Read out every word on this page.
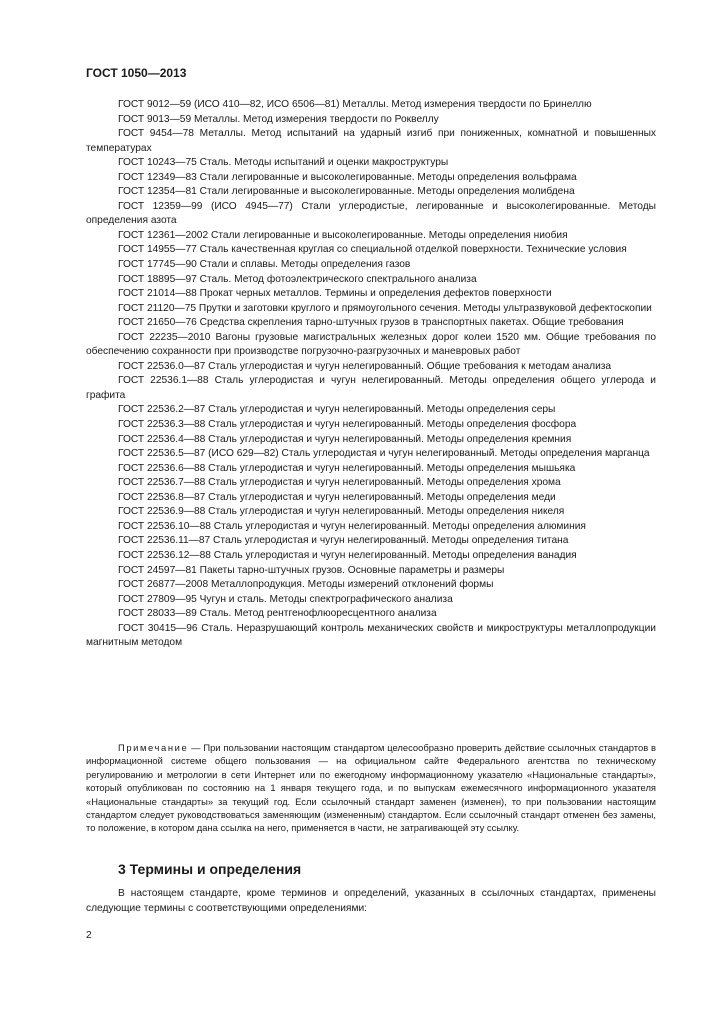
ГОСТ 1050—2013

ГОСТ 9012—59 (ИСО 410—82, ИСО 6506—81) Металлы. Метод измерения твердости по Бринеллю

ГОСТ 9013—59 Металлы. Метод измерения твердости по Роквеллу

ГОСТ 9454—78 Металлы. Метод испытаний на ударный изгиб при пониженных, комнатной и повышенных температурах

ГОСТ 10243—75 Сталь. Методы испытаний и оценки макроструктуры

ГОСТ 12349—83 Стали легированные и высоколегированные. Методы определения вольфрама

ГОСТ 12354—81 Стали легированные и высоколегированные. Методы определения молибдена

ГОСТ 12359—99 (ИСО 4945—77) Стали углеродистые, легированные и высоколегированные. Методы определения азота

ГОСТ 12361—2002 Стали легированные и высоколегированные. Методы определения ниобия

ГОСТ 14955—77 Сталь качественная круглая со специальной отделкой поверхности. Технические условия

ГОСТ 17745—90 Стали и сплавы. Методы определения газов

ГОСТ 18895—97 Сталь. Метод фотоэлектрического спектрального анализа

ГОСТ 21014—88 Прокат черных металлов. Термины и определения дефектов поверхности

ГОСТ 21120—75 Прутки и заготовки круглого и прямоугольного сечения. Методы ультразвуковой дефектоскопии

ГОСТ 21650—76 Средства скрепления тарно-штучных грузов в транспортных пакетах. Общие требования

ГОСТ 22235—2010 Вагоны грузовые магистральных железных дорог колеи 1520 мм. Общие требования по обеспечению сохранности при производстве погрузочно-разгрузочных и маневровых работ

ГОСТ 22536.0—87 Сталь углеродистая и чугун нелегированный. Общие требования к методам анализа

ГОСТ 22536.1—88 Сталь углеродистая и чугун нелегированный. Методы определения общего углерода и графита

ГОСТ 22536.2—87 Сталь углеродистая и чугун нелегированный. Методы определения серы

ГОСТ 22536.3—88 Сталь углеродистая и чугун нелегированный. Методы определения фосфора

ГОСТ 22536.4—88 Сталь углеродистая и чугун нелегированный. Методы определения кремния

ГОСТ 22536.5—87 (ИСО 629—82) Сталь углеродистая и чугун нелегированный. Методы определения марганца

ГОСТ 22536.6—88 Сталь углеродистая и чугун нелегированный. Методы определения мышьяка

ГОСТ 22536.7—88 Сталь углеродистая и чугун нелегированный. Методы определения хрома

ГОСТ 22536.8—87 Сталь углеродистая и чугун нелегированный. Методы определения меди

ГОСТ 22536.9—88 Сталь углеродистая и чугун нелегированный. Методы определения никеля

ГОСТ 22536.10—88 Сталь углеродистая и чугун нелегированный. Методы определения алюминия

ГОСТ 22536.11—87 Сталь углеродистая и чугун нелегированный. Методы определения титана

ГОСТ 22536.12—88 Сталь углеродистая и чугун нелегированный. Методы определения ванадия

ГОСТ 24597—81 Пакеты тарно-штучных грузов. Основные параметры и размеры

ГОСТ 26877—2008 Металлопродукция. Методы измерений отклонений формы

ГОСТ 27809—95 Чугун и сталь. Методы спектрографического анализа

ГОСТ 28033—89 Сталь. Метод рентгенофлюоресцентного анализа

ГОСТ 30415—96 Сталь. Неразрушающий контроль механических свойств и микроструктуры металлопродукции магнитным методом

Примечание — При пользовании настоящим стандартом целесообразно проверить действие ссылочных стандартов в информационной системе общего пользования — на официальном сайте Федерального агентства по техническому регулированию и метрологии в сети Интернет или по ежегодному информационному указателю «Национальные стандарты», который опубликован по состоянию на 1 января текущего года, и по выпускам ежемесячного информационного указателя «Национальные стандарты» за текущий год. Если ссылочный стандарт заменен (изменен), то при пользовании настоящим стандартом следует руководствоваться заменяющим (измененным) стандартом. Если ссылочный стандарт отменен без замены, то положение, в котором дана ссылка на него, применяется в части, не затрагивающей эту ссылку.

3 Термины и определения

В настоящем стандарте, кроме терминов и определений, указанных в ссылочных стандартах, применены следующие термины с соответствующими определениями:

2
